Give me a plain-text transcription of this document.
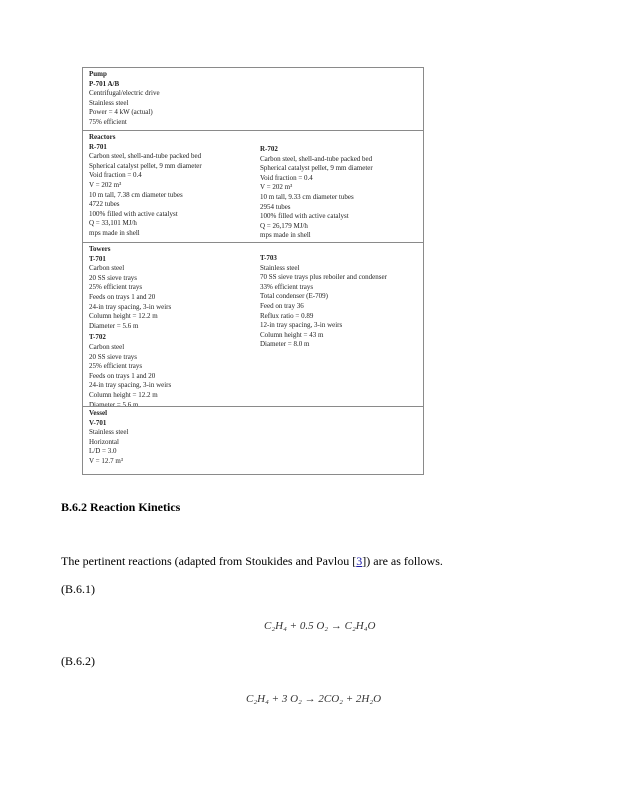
Pump
P-701 A/B
Centrifugal/electric drive
Stainless steel
Power = 4 kW (actual)
75% efficient
Reactors
R-701
Carbon steel, shell-and-tube packed bed
Spherical catalyst pellet, 9 mm diameter
Void fraction = 0.4
V = 202 m³
10 m tall, 7.38 cm diameter tubes
4722 tubes
100% filled with active catalyst
Q = 33,101 MJ/h
mps made in shell
R-702
Carbon steel, shell-and-tube packed bed
Spherical catalyst pellet, 9 mm diameter
Void fraction = 0.4
V = 202 m³
10 m tall, 9.33 cm diameter tubes
2954 tubes
100% filled with active catalyst
Q = 26,179 MJ/h
mps made in shell
Towers
T-701
Carbon steel
20 SS sieve trays
25% efficient trays
Feeds on trays 1 and 20
24-in tray spacing, 3-in weirs
Column height = 12.2 m
Diameter = 5.6 m
T-702
Carbon steel
20 SS sieve trays
25% efficient trays
Feeds on trays 1 and 20
24-in tray spacing, 3-in weirs
Column height = 12.2 m
Diameter = 5.6 m
T-703
Stainless steel
70 SS sieve trays plus reboiler and condenser
33% efficient trays
Total condenser (E-709)
Feed on tray 36
Reflux ratio = 0.89
12-in tray spacing, 3-in weirs
Column height = 43 m
Diameter = 8.0 m
Vessel
V-701
Stainless steel
Horizontal
L/D = 3.0
V = 12.7 m³
B.6.2 Reaction Kinetics
The pertinent reactions (adapted from Stoukides and Pavlou [3]) are as follows.
(B.6.1)
C₂H₄ + 0.5 O₂ → C₂H₄O
(B.6.2)
C₂H₄ + 3 O₂ → 2CO₂ + 2H₂O
